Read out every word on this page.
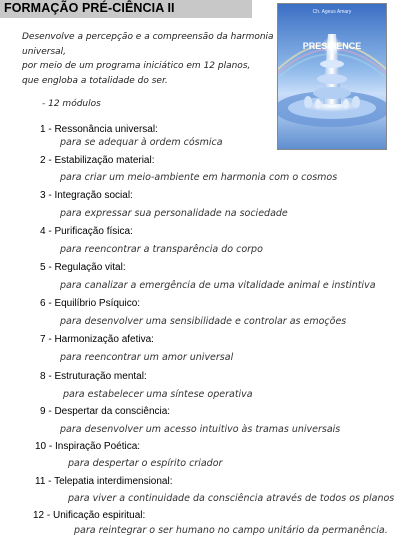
FORMAÇÃO PRÉ-CIÊNCIA II
Desenvolve a percepção e a compreensão da harmonia
universal,
por meio de um programa iniciático em 12 planos,
que engloba a totalidade do ser.
- 12 módulos
Ch. Ageus Amary
PRESCIENCE
II
1 - Ressonância universal:
para se adequar à ordem cósmica
2 - Estabilização material:
para criar um meio-ambiente em harmonia com o cosmos
3 - Integração social:
para expressar sua personalidade na sociedade
4 - Purificação física:
para reencontrar a transparência do corpo
5 - Regulação vital:
para canalizar a emergência de uma vitalidade animal e instintiva
6 - Equilíbrio Psíquico:
para desenvolver uma sensibilidade e controlar as emoções
7 - Harmonização afetiva:
para reencontrar um amor universal
8 - Estruturação mental:
para estabelecer uma síntese operativa
9 - Despertar da consciência:
para desenvolver um acesso intuitivo às tramas universais
10 - Inspiração Poética:
para despertar o espírito criador
11 - Telepatia interdimensional:
para viver a continuidade da consciência através de todos os planos
12 - Unificação espiritual:
para reintegrar o ser humano no campo unitário da permanência.
